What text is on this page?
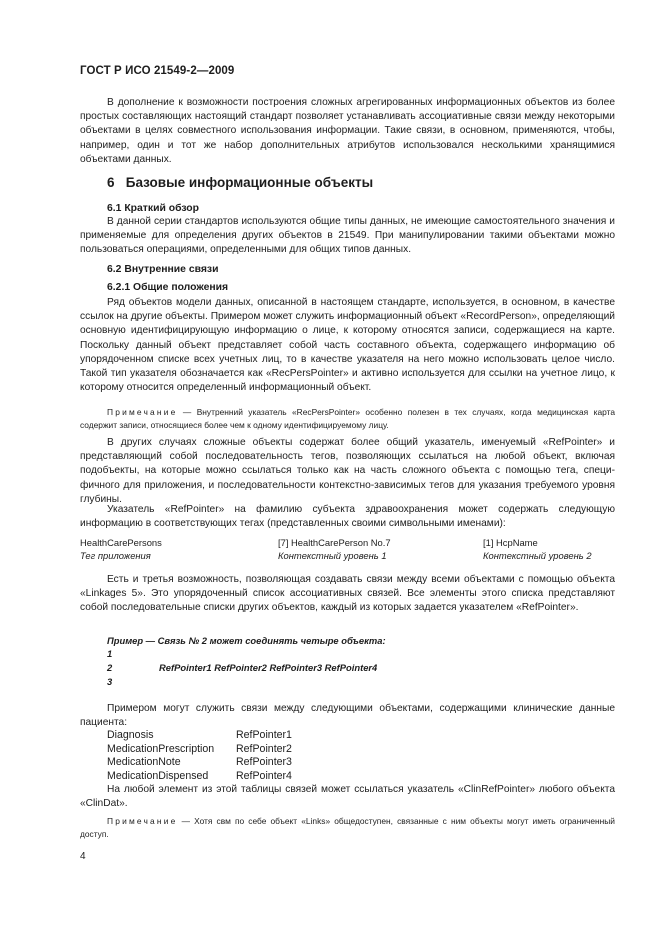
ГОСТ Р ИСО 21549-2—2009
В дополнение к возможности построения сложных агрегированных информационных объектов из более простых составляющих настоящий стандарт позволяет устанавливать ассоциативные связи между некоторыми объектами в целях совместного использования информации. Такие связи, в основном, применяются, чтобы, например, один и тот же набор дополнительных атрибутов использовался несколькими хранящимися объектами данных.
6 Базовые информационные объекты
6.1 Краткий обзор
В данной серии стандартов используются общие типы данных, не имеющие самостоятельного значения и применяемые для определения других объектов в 21549. При манипулировании такими объектами можно пользоваться операциями, определенными для общих типов данных.
6.2 Внутренние связи
6.2.1 Общие положения
Ряд объектов модели данных, описанной в настоящем стандарте, используется, в основном, в качестве ссылок на другие объекты. Примером может служить информационный объект «RecordPerson», определяющий основную идентифицирующую информацию о лице, к которому относятся записи, содержащиеся на карте. Поскольку данный объект представляет собой часть составного объекта, содержащего информацию об упорядоченном списке всех учетных лиц, то в качестве указателя на него можно использовать целое число. Такой тип указателя обозначается как «RecPersPointer» и активно используется для ссылки на учетное лицо, к которому относится определенный информационный объект.
Примечание — Внутренний указатель «RecPersPointer» особенно полезен в тех случаях, когда медицинская карта содержит записи, относящиеся более чем к одному идентифицируемому лицу.
В других случаях сложные объекты содержат более общий указатель, именуемый «RefPointer» и представляющий собой последовательность тегов, позволяющих ссылаться на любой объект, включая подобъекты, на которые можно ссылаться только как на часть сложного объекта с помощью тега, специфичного для приложения, и последовательности контекстно-зависимых тегов для указания требуемого уровня глубины.
Указатель «RefPointer» на фамилию субъекта здравоохранения может содержать следующую информацию в соответствующих тегах (представленных своими символьными именами):
HealthCarePersons	[7] HealthCarePerson No.7	[1] HcpName
Тег приложения	Контекстный уровень 1	Контекстный уровень 2
Есть и третья возможность, позволяющая создавать связи между всеми объектами с помощью объекта «Linkages 5». Это упорядоченный список ассоциативных связей. Все элементы этого списка представляют собой последовательные списки других объектов, каждый из которых задается указателем «RefPointer».
Пример — Связь № 2 может соединять четыре объекта:
1
2	RefPointer1 RefPointer2 RefPointer3 RefPointer4
3
Примером могут служить связи между следующими объектами, содержащими клинические данные пациента:
Diagnosis	RefPointer1
MedicationPrescription RefPointer2
MedicationNote	RefPointer3
MedicationDispensed	RefPointer4
На любой элемент из этой таблицы связей может ссылаться указатель «ClinRefPointer» любого объекта «ClinDat».
Примечание — Хотя свм по себе объект «Links» общедоступен, связанные с ним объекты могут иметь ограниченный доступ.
4
